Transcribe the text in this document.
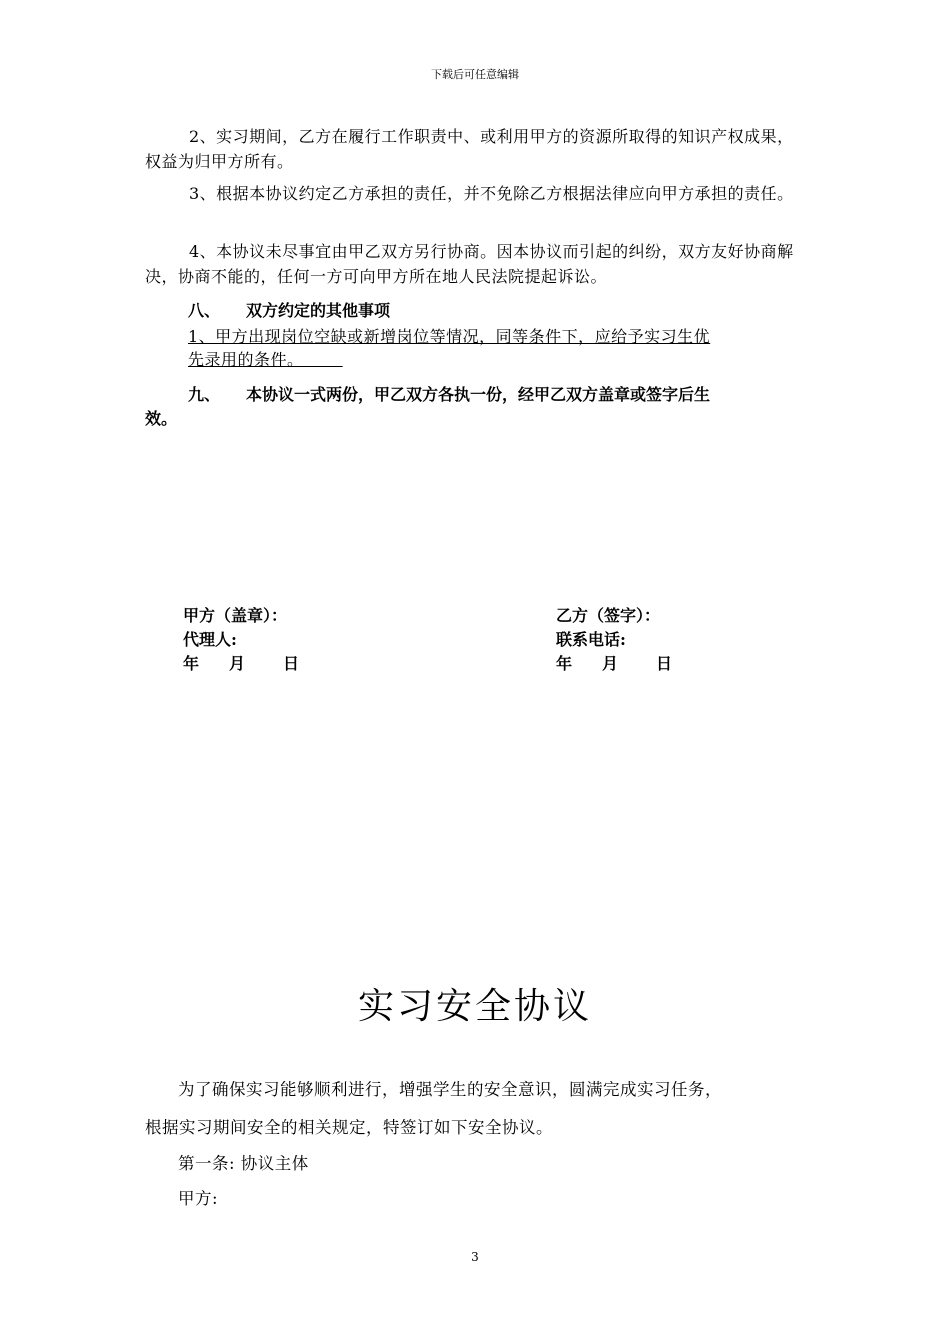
下载后可任意编辑
2、实习期间，乙方在履行工作职责中、或利用甲方的资源所取得的知识产权成果，权益为归甲方所有。
3、根据本协议约定乙方承担的责任，并不免除乙方根据法律应向甲方承担的责任。
4、本协议未尽事宜由甲乙双方另行协商。因本协议而引起的纠纷，双方友好协商解决，协商不能的，任何一方可向甲方所在地人民法院提起诉讼。
八、 双方约定的其他事项
1、甲方出现岗位空缺或新增岗位等情况，同等条件下，应给予实习生优
先录用的条件。
九、 本协议一式两份，甲乙双方各执一份，经甲乙双方盖章或签字后生
效。
甲方（盖章）：
代理人:
年 月 日
乙方（签字）：
联系电话:
年 月 日
实习安全协议
为了确保实习能够顺利进行，增强学生的安全意识，圆满完成实习任务，
根据实习期间安全的相关规定，特签订如下安全协议。
第一条: 协议主体
甲方:
3
